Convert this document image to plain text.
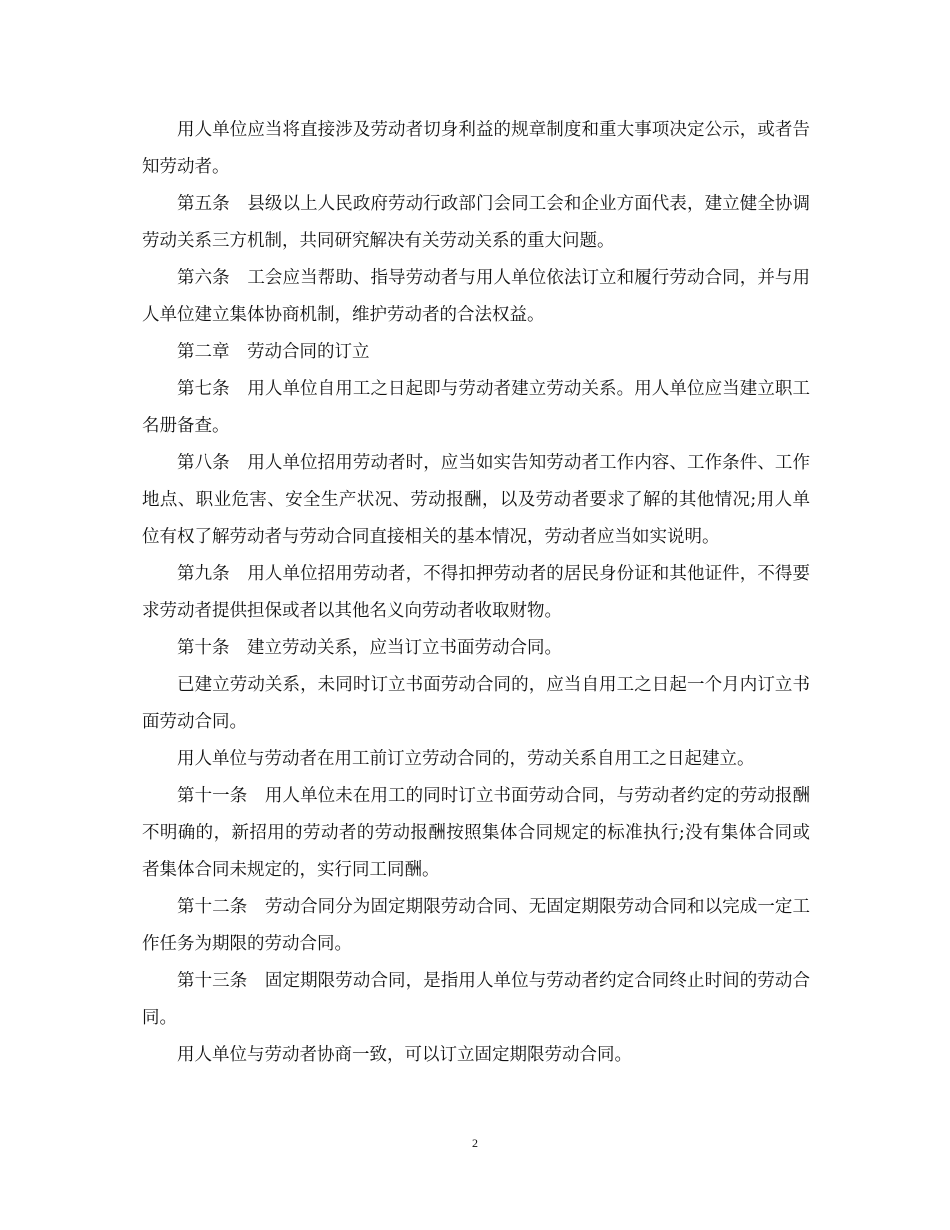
用人单位应当将直接涉及劳动者切身利益的规章制度和重大事项决定公示，或者告知劳动者。

第五条　县级以上人民政府劳动行政部门会同工会和企业方面代表，建立健全协调劳动关系三方机制，共同研究解决有关劳动关系的重大问题。

第六条　工会应当帮助、指导劳动者与用人单位依法订立和履行劳动合同，并与用人单位建立集体协商机制，维护劳动者的合法权益。

第二章　劳动合同的订立

第七条　用人单位自用工之日起即与劳动者建立劳动关系。用人单位应当建立职工名册备查。

第八条　用人单位招用劳动者时，应当如实告知劳动者工作内容、工作条件、工作地点、职业危害、安全生产状况、劳动报酬，以及劳动者要求了解的其他情况;用人单位有权了解劳动者与劳动合同直接相关的基本情况，劳动者应当如实说明。

第九条　用人单位招用劳动者，不得扣押劳动者的居民身份证和其他证件，不得要求劳动者提供担保或者以其他名义向劳动者收取财物。

第十条　建立劳动关系，应当订立书面劳动合同。

已建立劳动关系，未同时订立书面劳动合同的，应当自用工之日起一个月内订立书面劳动合同。

用人单位与劳动者在用工前订立劳动合同的，劳动关系自用工之日起建立。

第十一条　用人单位未在用工的同时订立书面劳动合同，与劳动者约定的劳动报酬不明确的，新招用的劳动者的劳动报酬按照集体合同规定的标准执行;没有集体合同或者集体合同未规定的，实行同工同酬。

第十二条　劳动合同分为固定期限劳动合同、无固定期限劳动合同和以完成一定工作任务为期限的劳动合同。

第十三条　固定期限劳动合同，是指用人单位与劳动者约定合同终止时间的劳动合同。

用人单位与劳动者协商一致，可以订立固定期限劳动合同。

2
